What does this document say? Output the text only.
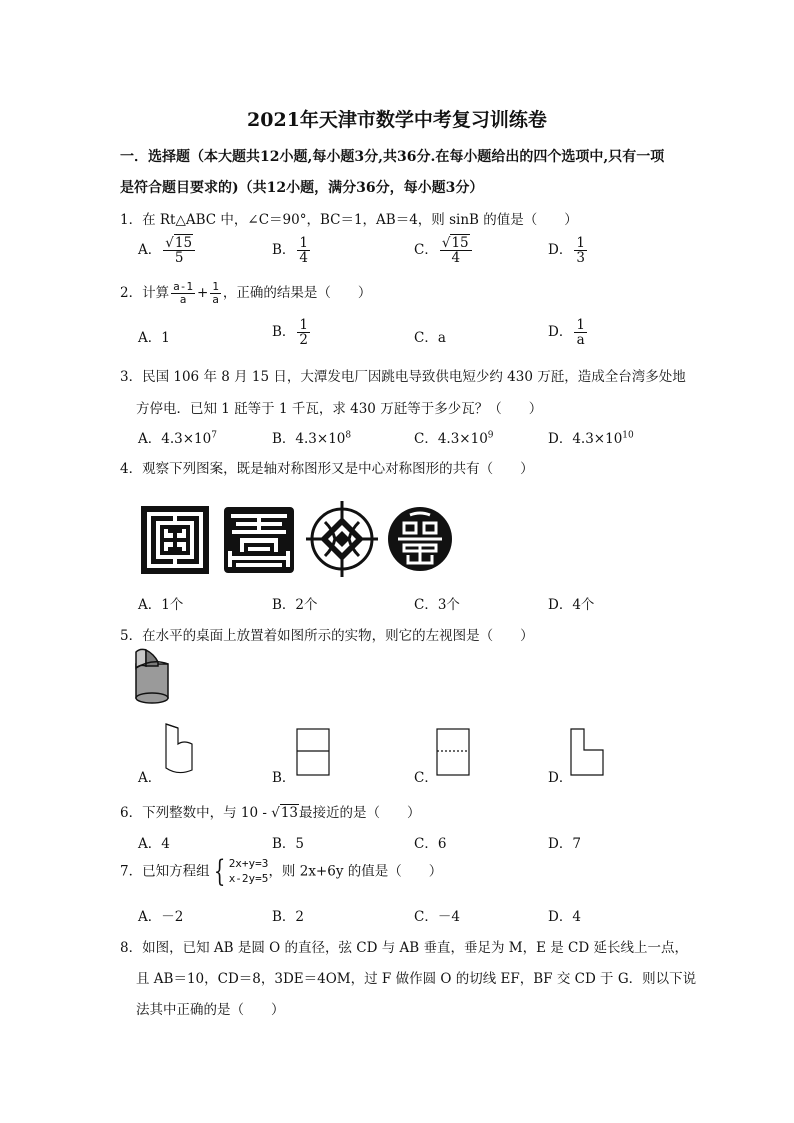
2021年天津市数学中考复习训练卷
一．选择题（本大题共12小题,每小题3分,共36分.在每小题给出的四个选项中,只有一项
是符合题目要求的)（共12小题，满分36分，每小题3分）
1．在 Rt△ABC 中，∠C＝90°，BC＝1，AB＝4，则 sinB 的值是（　　）
A． $\frac{√15}{5}$	B． $\frac{1}{4}$	C． $\frac{√15}{4}$	D． $\frac{1}{3}$
2．计算 $\frac{a-1}{a} + \frac{1}{a}$ ，正确的结果是（　　）
A．1	B． $\frac{1}{2}$	C．a	D． $\frac{1}{a}$
3．民国 106 年 8 月 15 日，大潭发电厂因跳电导致供电短少约 430 万瓩，造成全台湾多处地
方停电．已知 1 瓩等于 1 千瓦，求 430 万瓩等于多少瓦？（　　）
A．$4.3\times 10^7$	B．$4.3\times 10^8$	C．$4.3\times 10^9$	D．$4.3\times 10^{10}$
4．观察下列图案，既是轴对称图形又是中心对称图形的共有（　　）
A．1个	B．2个	C．3个	D．4个
5．在水平的桌面上放置着如图所示的实物，则它的左视图是（　　）
A．	B．	C．	D．
6．下列整数中，与 10 - √13最接近的是（　　）
A．4	B．5	C．6	D．7
7．已知方程组 { 2x+y=3
x-2y=5 ，则 2x+6y 的值是（　　）
A．－2	B．2	C．－4	D．4
8．如图，已知 AB 是圆 O 的直径，弦 CD 与 AB 垂直，垂足为 M，E 是 CD 延长线上一点，
且 AB＝10，CD＝8，3DE＝4OM，过 F 做作圆 O 的切线 EF，BF 交 CD 于 G．则以下说
法其中正确的是（　　）
